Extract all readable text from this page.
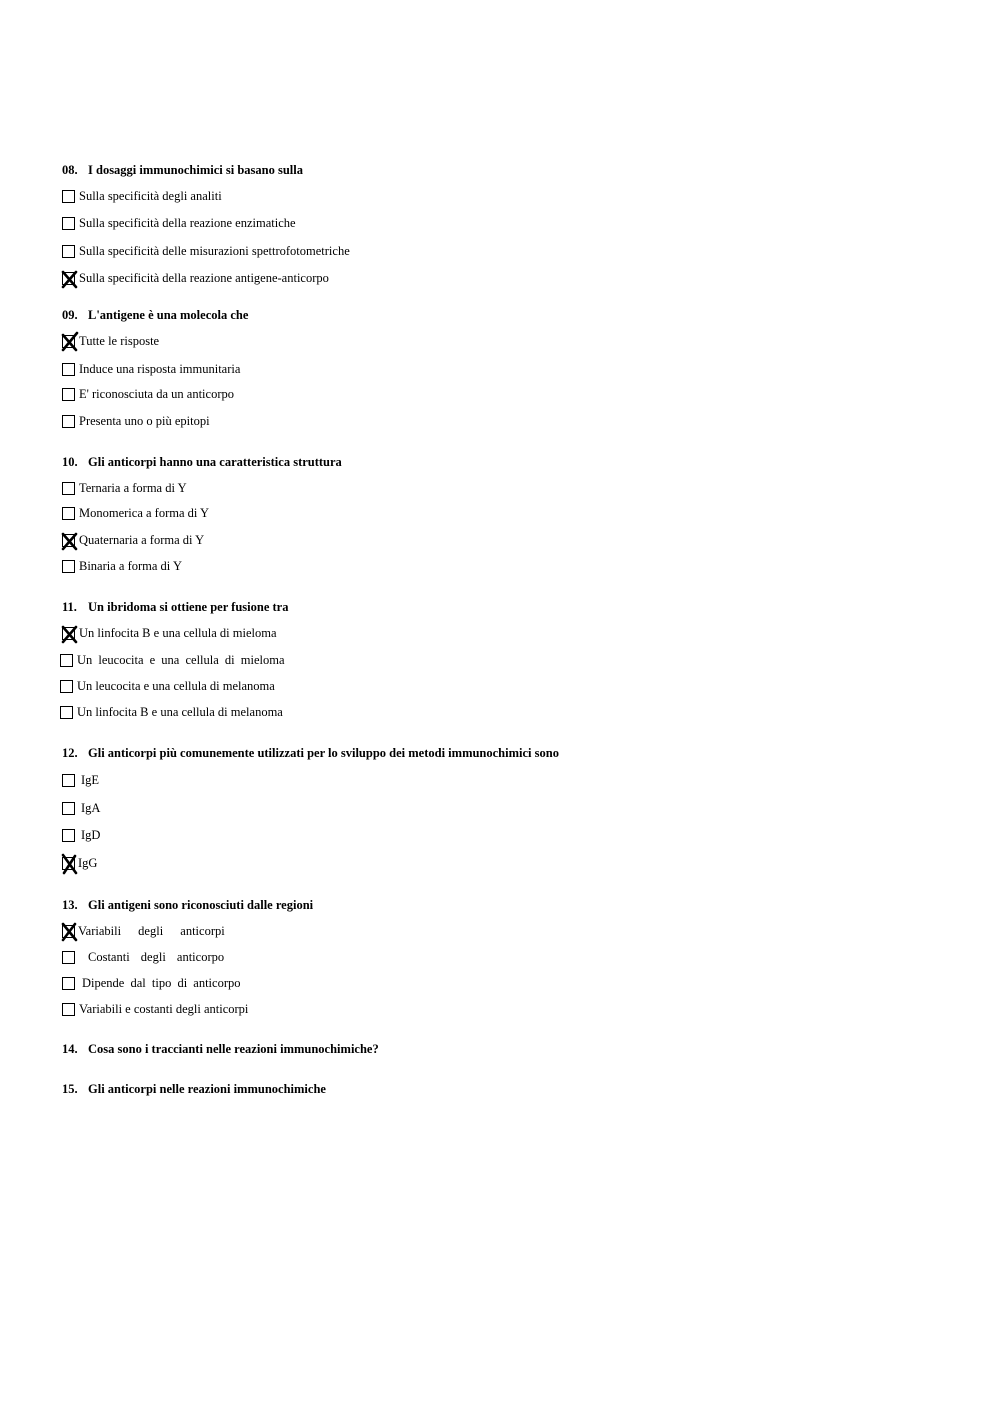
08. I dosaggi immunochimici si basano sulla
Sulla specificità degli analiti
Sulla specificità della reazione enzimatiche
Sulla specificità delle misurazioni spettrofotometriche
Sulla specificità della reazione antigene-anticorpo
09. L'antigene è una molecola che
Tutte le risposte
Induce una risposta immunitaria
E' riconosciuta da un anticorpo
Presenta uno o più epitopi
10. Gli anticorpi hanno una caratteristica struttura
Ternaria a forma di Y
Monomerica a forma di Y
Quaternaria a forma di Y
Binaria a forma di Y
11. Un ibridoma si ottiene per fusione tra
Un linfocita B e una cellula di mieloma
Un leucocita e una cellula di mieloma
Un leucocita e una cellula di melanoma
Un linfocita B e una cellula di melanoma
12. Gli anticorpi più comunemente utilizzati per lo sviluppo dei metodi immunochimici sono
IgE
IgA
IgD
IgG
13. Gli antigeni sono riconosciuti dalle regioni
Variabili degli anticorpi
Costanti degli anticorpo
Dipende dal tipo di anticorpo
Variabili e costanti degli anticorpi
14. Cosa sono i traccianti nelle reazioni immunochimiche?
15. Gli anticorpi nelle reazioni immunochimiche
